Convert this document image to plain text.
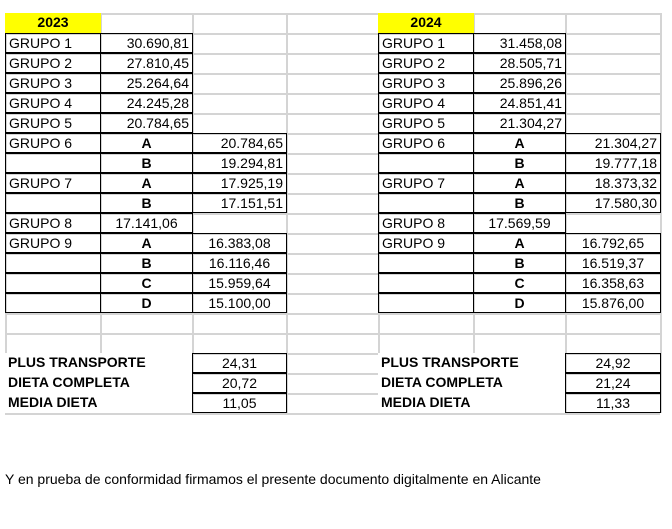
2023
GRUPO 1	30.690,81
GRUPO 2	27.810,45
GRUPO 3	25.264,64
GRUPO 4	24.245,28
GRUPO 5	20.784,65
GRUPO 6	A	20.784,65
B	19.294,81
GRUPO 7	A	17.925,19
B	17.151,51
GRUPO 8	17.141,06
GRUPO 9	A	16.383,08
B	16.116,46
C	15.959,64
D	15.100,00
PLUS TRANSPORTE	24,31
DIETA COMPLETA	20,72
MEDIA DIETA	11,05
2024
GRUPO 1	31.458,08
GRUPO 2	28.505,71
GRUPO 3	25.896,26
GRUPO 4	24.851,41
GRUPO 5	21.304,27
GRUPO 6	A	21.304,27
B	19.777,18
GRUPO 7	A	18.373,32
B	17.580,30
GRUPO 8	17.569,59
GRUPO 9	A	16.792,65
B	16.519,37
C	16.358,63
D	15.876,00
PLUS TRANSPORTE	24,92
DIETA COMPLETA	21,24
MEDIA DIETA	11,33
Y en prueba de conformidad firmamos el presente documento digitalmente en Alicante
